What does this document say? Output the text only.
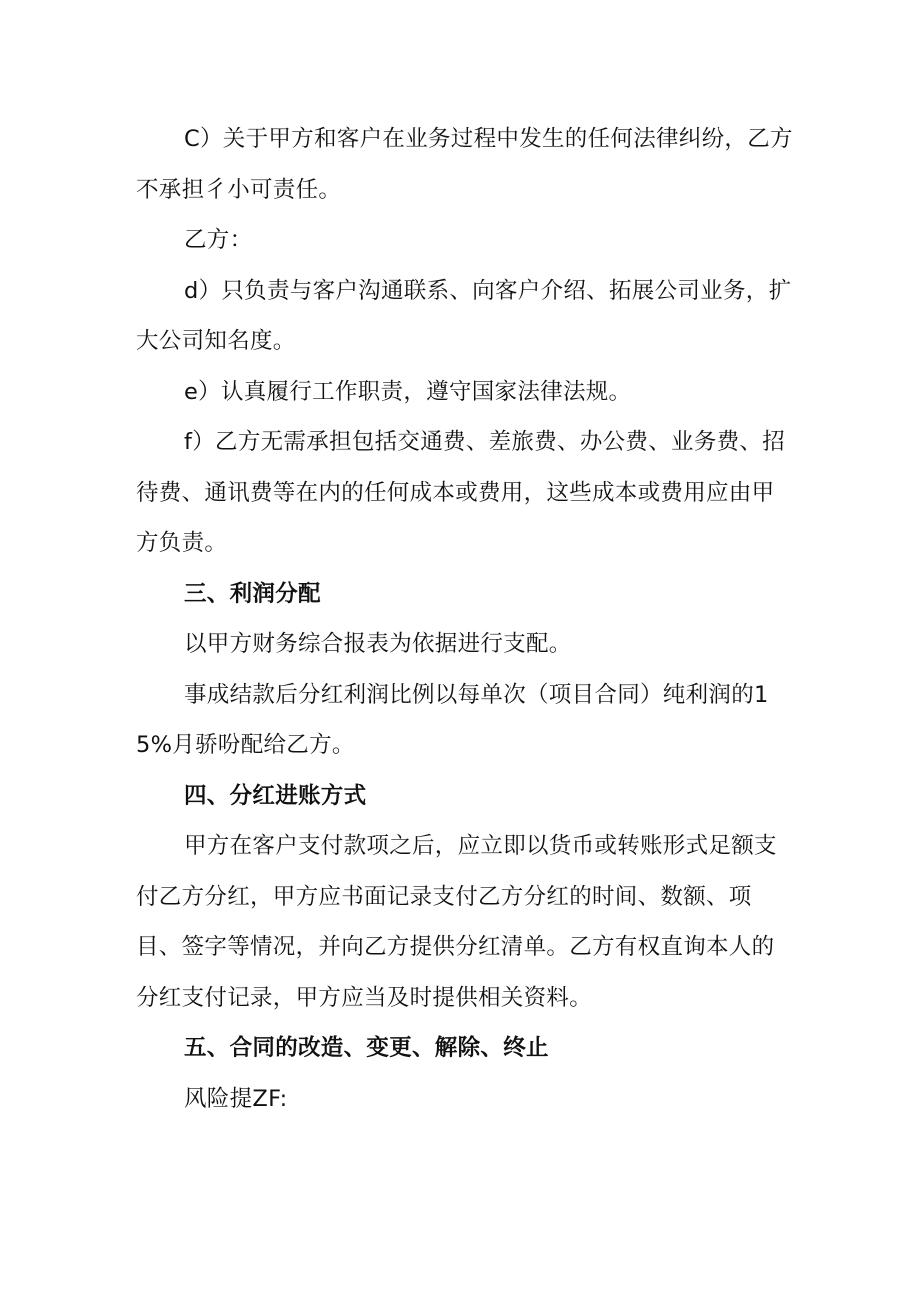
C）关于甲方和客户在业务过程中发生的任何法律纠纷，乙方不承担彳小可责任。

乙方：

d）只负责与客户沟通联系、向客户介绍、拓展公司业务，扩大公司知名度。

e）认真履行工作职责，遵守国家法律法规。

f）乙方无需承担包括交通费、差旅费、办公费、业务费、招待费、通讯费等在内的任何成本或费用，这些成本或费用应由甲方负责。

三、利润分配

以甲方财务综合报表为依据进行支配。

事成结款后分红利润比例以每单次（项目合同）纯利润的15%月骄吩配给乙方。

四、分红进账方式

甲方在客户支付款项之后，应立即以货币或转账形式足额支付乙方分红，甲方应书面记录支付乙方分红的时间、数额、项目、签字等情况，并向乙方提供分红清单。乙方有权直询本人的分红支付记录，甲方应当及时提供相关资料。

五、合同的改造、变更、解除、终止

风险提ZF:
